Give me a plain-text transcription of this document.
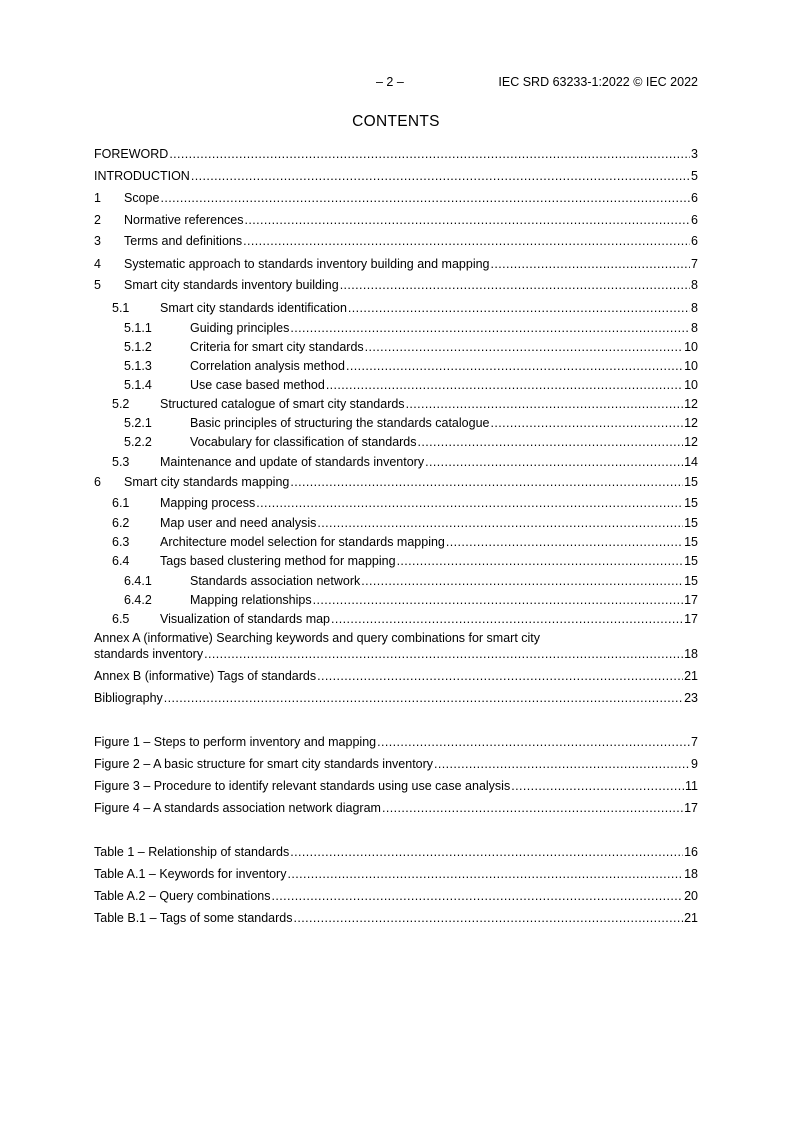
– 2 –	IEC SRD 63233-1:2022 © IEC 2022
CONTENTS
FOREWORD .....	3
INTRODUCTION .....	5
1 Scope .....	6
2 Normative references .....	6
3 Terms and definitions .....	6
4 Systematic approach to standards inventory building and mapping .....	7
5 Smart city standards inventory building .....	8
5.1 Smart city standards identification .....	8
5.1.1	Guiding principles .....	8
5.1.2	Criteria for smart city standards .....	10
5.1.3	Correlation analysis method .....	10
5.1.4	Use case based method .....	10
5.2 Structured catalogue of smart city standards .....	12
5.2.1	Basic principles of structuring the standards catalogue .....	12
5.2.2	Vocabulary for classification of standards .....	12
5.3 Maintenance and update of standards inventory .....	14
6 Smart city standards mapping .....	15
6.1 Mapping process .....	15
6.2 Map user and need analysis .....	15
6.3 Architecture model selection for standards mapping .....	15
6.4 Tags based clustering method for mapping .....	15
6.4.1	Standards association network .....	15
6.4.2	Mapping relationships .....	17
6.5 Visualization of standards map .....	17
Annex A (informative) Searching keywords and query combinations for smart city
standards inventory .....	18
Annex B (informative) Tags of standards .....	21
Bibliography .....	23
Figure 1 – Steps to perform inventory and mapping .....	7
Figure 2 – A basic structure for smart city standards inventory .....	9
Figure 3 – Procedure to identify relevant standards using use case analysis .....	11
Figure 4 – A standards association network diagram .....	17
Table 1 – Relationship of standards .....	16
Table A.1 – Keywords for inventory .....	18
Table A.2 – Query combinations .....	20
Table B.1 – Tags of some standards .....	21
